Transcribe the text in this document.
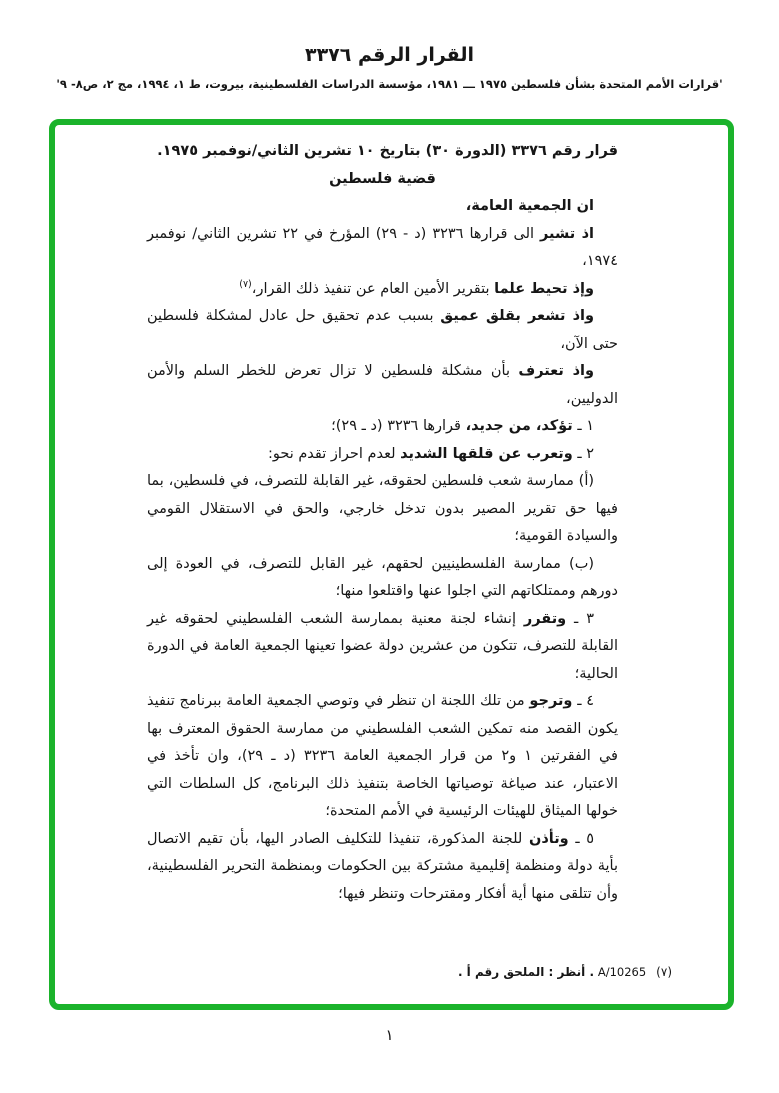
القرار الرقم ٣٣٧٦
'قرارات الأمم المتحدة بشأن فلسطين ١٩٧٥ ـــ ١٩٨١، مؤسسة الدراسات الفلسطينية، بيروت، ط ١، ١٩٩٤، مج ٢، ص٨- ٩'

قرار رقم ٣٣٧٦ (الدورة ٣٠) بتاريخ ١٠ تشرين الثاني/نوفمبر ١٩٧٥.

قضية فلسطين

ان الجمعية العامة،

اذ تشير الى قرارها ٣٢٣٦ (د - ٢٩) المؤرخ في ٢٢ تشرين الثاني/ نوفمبر ١٩٧٤،

وإذ تحيط علما بتقرير الأمين العام عن تنفيذ ذلك القرار،$^{(٧)}$

واذ تشعر بقلق عميق بسبب عدم تحقيق حل عادل لمشكلة فلسطين حتى الآن،

واذ تعترف بأن مشكلة فلسطين لا تزال تعرض للخطر السلم والأمن الدوليين،

١ ـ تؤكد، من جديد، قرارها ٣٢٣٦ (د ـ ٢٩)؛

٢ ـ وتعرب عن قلقها الشديد لعدم احراز تقدم نحو:

(أ) ممارسة شعب فلسطين لحقوقه، غير القابلة للتصرف، في فلسطين، بما فيها حق تقرير المصير بدون تدخل خارجي، والحق في الاستقلال القومي والسيادة القومية؛

(ب) ممارسة الفلسطينيين لحقهم، غير القابل للتصرف، في العودة إلى دورهم وممتلكاتهم التي اجلوا عنها واقتلعوا منها؛

٣ ـ وتقرر إنشاء لجنة معنية بممارسة الشعب الفلسطيني لحقوقه غير القابلة للتصرف، تتكون من عشرين دولة عضوا تعينها الجمعية العامة في الدورة الحالية؛

٤ ـ وترجو من تلك اللجنة ان تنظر في وتوصي الجمعية العامة ببرنامج تنفيذ يكون القصد منه تمكين الشعب الفلسطيني من ممارسة الحقوق المعترف بها في الفقرتين ١ و٢ من قرار الجمعية العامة ٣٢٣٦ (د ـ ٢٩)، وان تأخذ في الاعتبار، عند صياغة توصياتها الخاصة بتنفيذ ذلك البرنامج، كل السلطات التي خولها الميثاق للهيئات الرئيسية في الأمم المتحدة؛

٥ ـ وتأذن للجنة المذكورة، تنفيذا للتكليف الصادر اليها، بأن تقيم الاتصال بأية دولة ومنظمة إقليمية مشتركة بين الحكومات وبمنظمة التحرير الفلسطينية، وأن تتلقى منها أية أفكار ومقترحات وتنظر فيها؛

(٧)A/10265 . أنظر : الملحق رقم أ .
١
